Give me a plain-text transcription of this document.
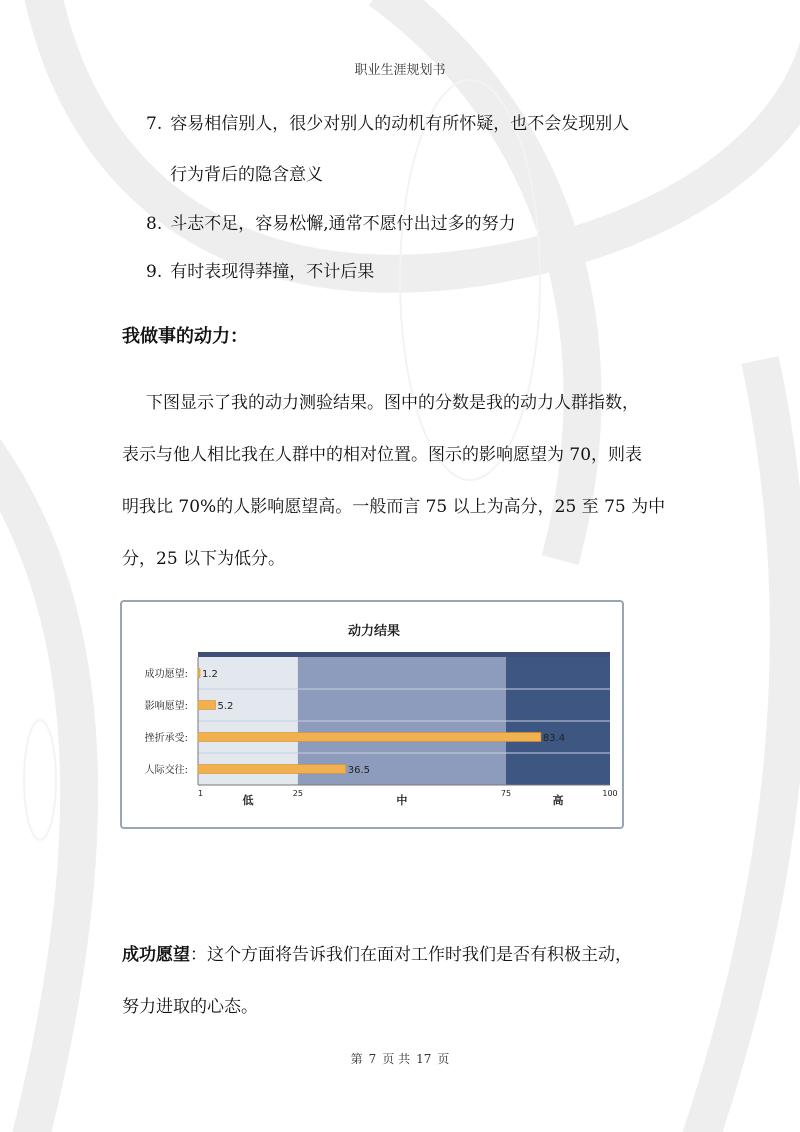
职业生涯规划书
7. 容易相信别人，很少对别人的动机有所怀疑，也不会发现别人
行为背后的隐含意义
8. 斗志不足，容易松懈,通常不愿付出过多的努力
9. 有时表现得莽撞，不计后果
我做事的动力：
下图显示了我的动力测验结果。图中的分数是我的动力人群指数，
表示与他人相比我在人群中的相对位置。图示的影响愿望为 70，则表
明我比 70%的人影响愿望高。一般而言 75 以上为高分，25 至 75 为中
分，25 以下为低分。
动力结果
成功愿望: 1.2
影响愿望:	5.2
挫折承受:	83.4
人际交往:	36.5
1	25	75	100
低	中	高
成功愿望：这个方面将告诉我们在面对工作时我们是否有积极主动，
努力进取的心态。
第 7 页 共 17 页
